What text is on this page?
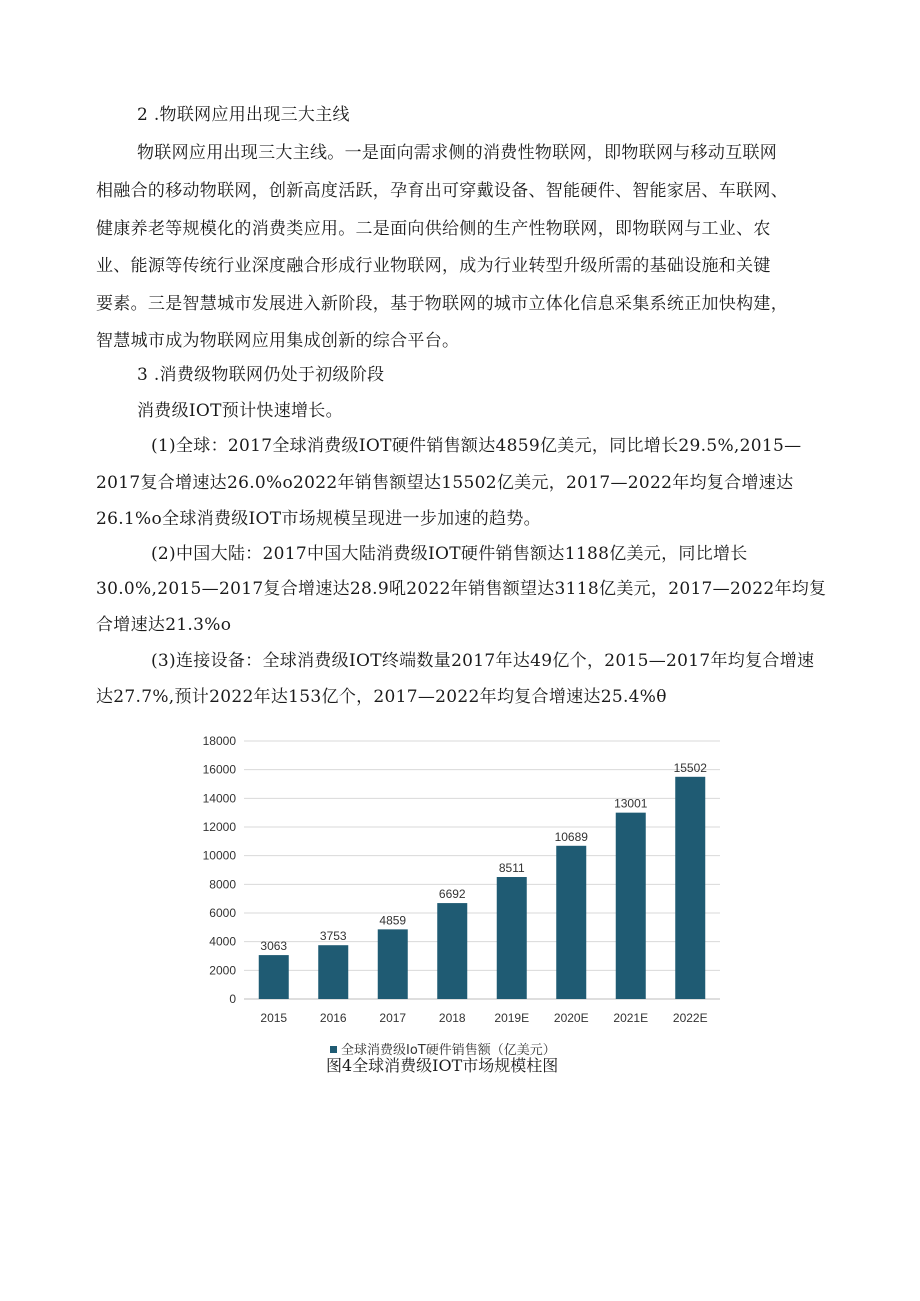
2 .物联网应用出现三大主线
物联网应用出现三大主线。一是面向需求侧的消费性物联网，即物联网与移动互联网
相融合的移动物联网，创新高度活跃，孕育出可穿戴设备、智能硬件、智能家居、车联网、
健康养老等规模化的消费类应用。二是面向供给侧的生产性物联网，即物联网与工业、农
业、能源等传统行业深度融合形成行业物联网，成为行业转型升级所需的基础设施和关键
要素。三是智慧城市发展进入新阶段，基于物联网的城市立体化信息采集系统正加快构建，
智慧城市成为物联网应用集成创新的综合平台。
3 .消费级物联网仍处于初级阶段
消费级IOT预计快速增长。
(1)全球：2017全球消费级IOT硬件销售额达4859亿美元，同比增长29.5%,2015—
2017复合增速达26.0%o2022年销售额望达15502亿美元，2017—2022年均复合增速达
26.1%o全球消费级IOT市场规模呈现进一步加速的趋势。
(2)中国大陆：2017中国大陆消费级IOT硬件销售额达1188亿美元，同比增长
30.0%,2015—2017复合增速达28.9吼2022年销售额望达3118亿美元，2017—2022年均复
合增速达21.3%o
(3)连接设备：全球消费级IOT终端数量2017年达49亿个，2015—2017年均复合增速
达27.7%,预计2022年达153亿个，2017—2022年均复合增速达25.4%θ
0
2000
4000
6000
8000
10000
12000
14000
16000
18000
3063
2015
3753
2016
4859
2017
6692
2018
8511
2019E
10689
2020E
13001
2021E
15502
2022E
全球消费级IoT硬件销售额（亿美元）
图4全球消费级IOT市场规模柱图
